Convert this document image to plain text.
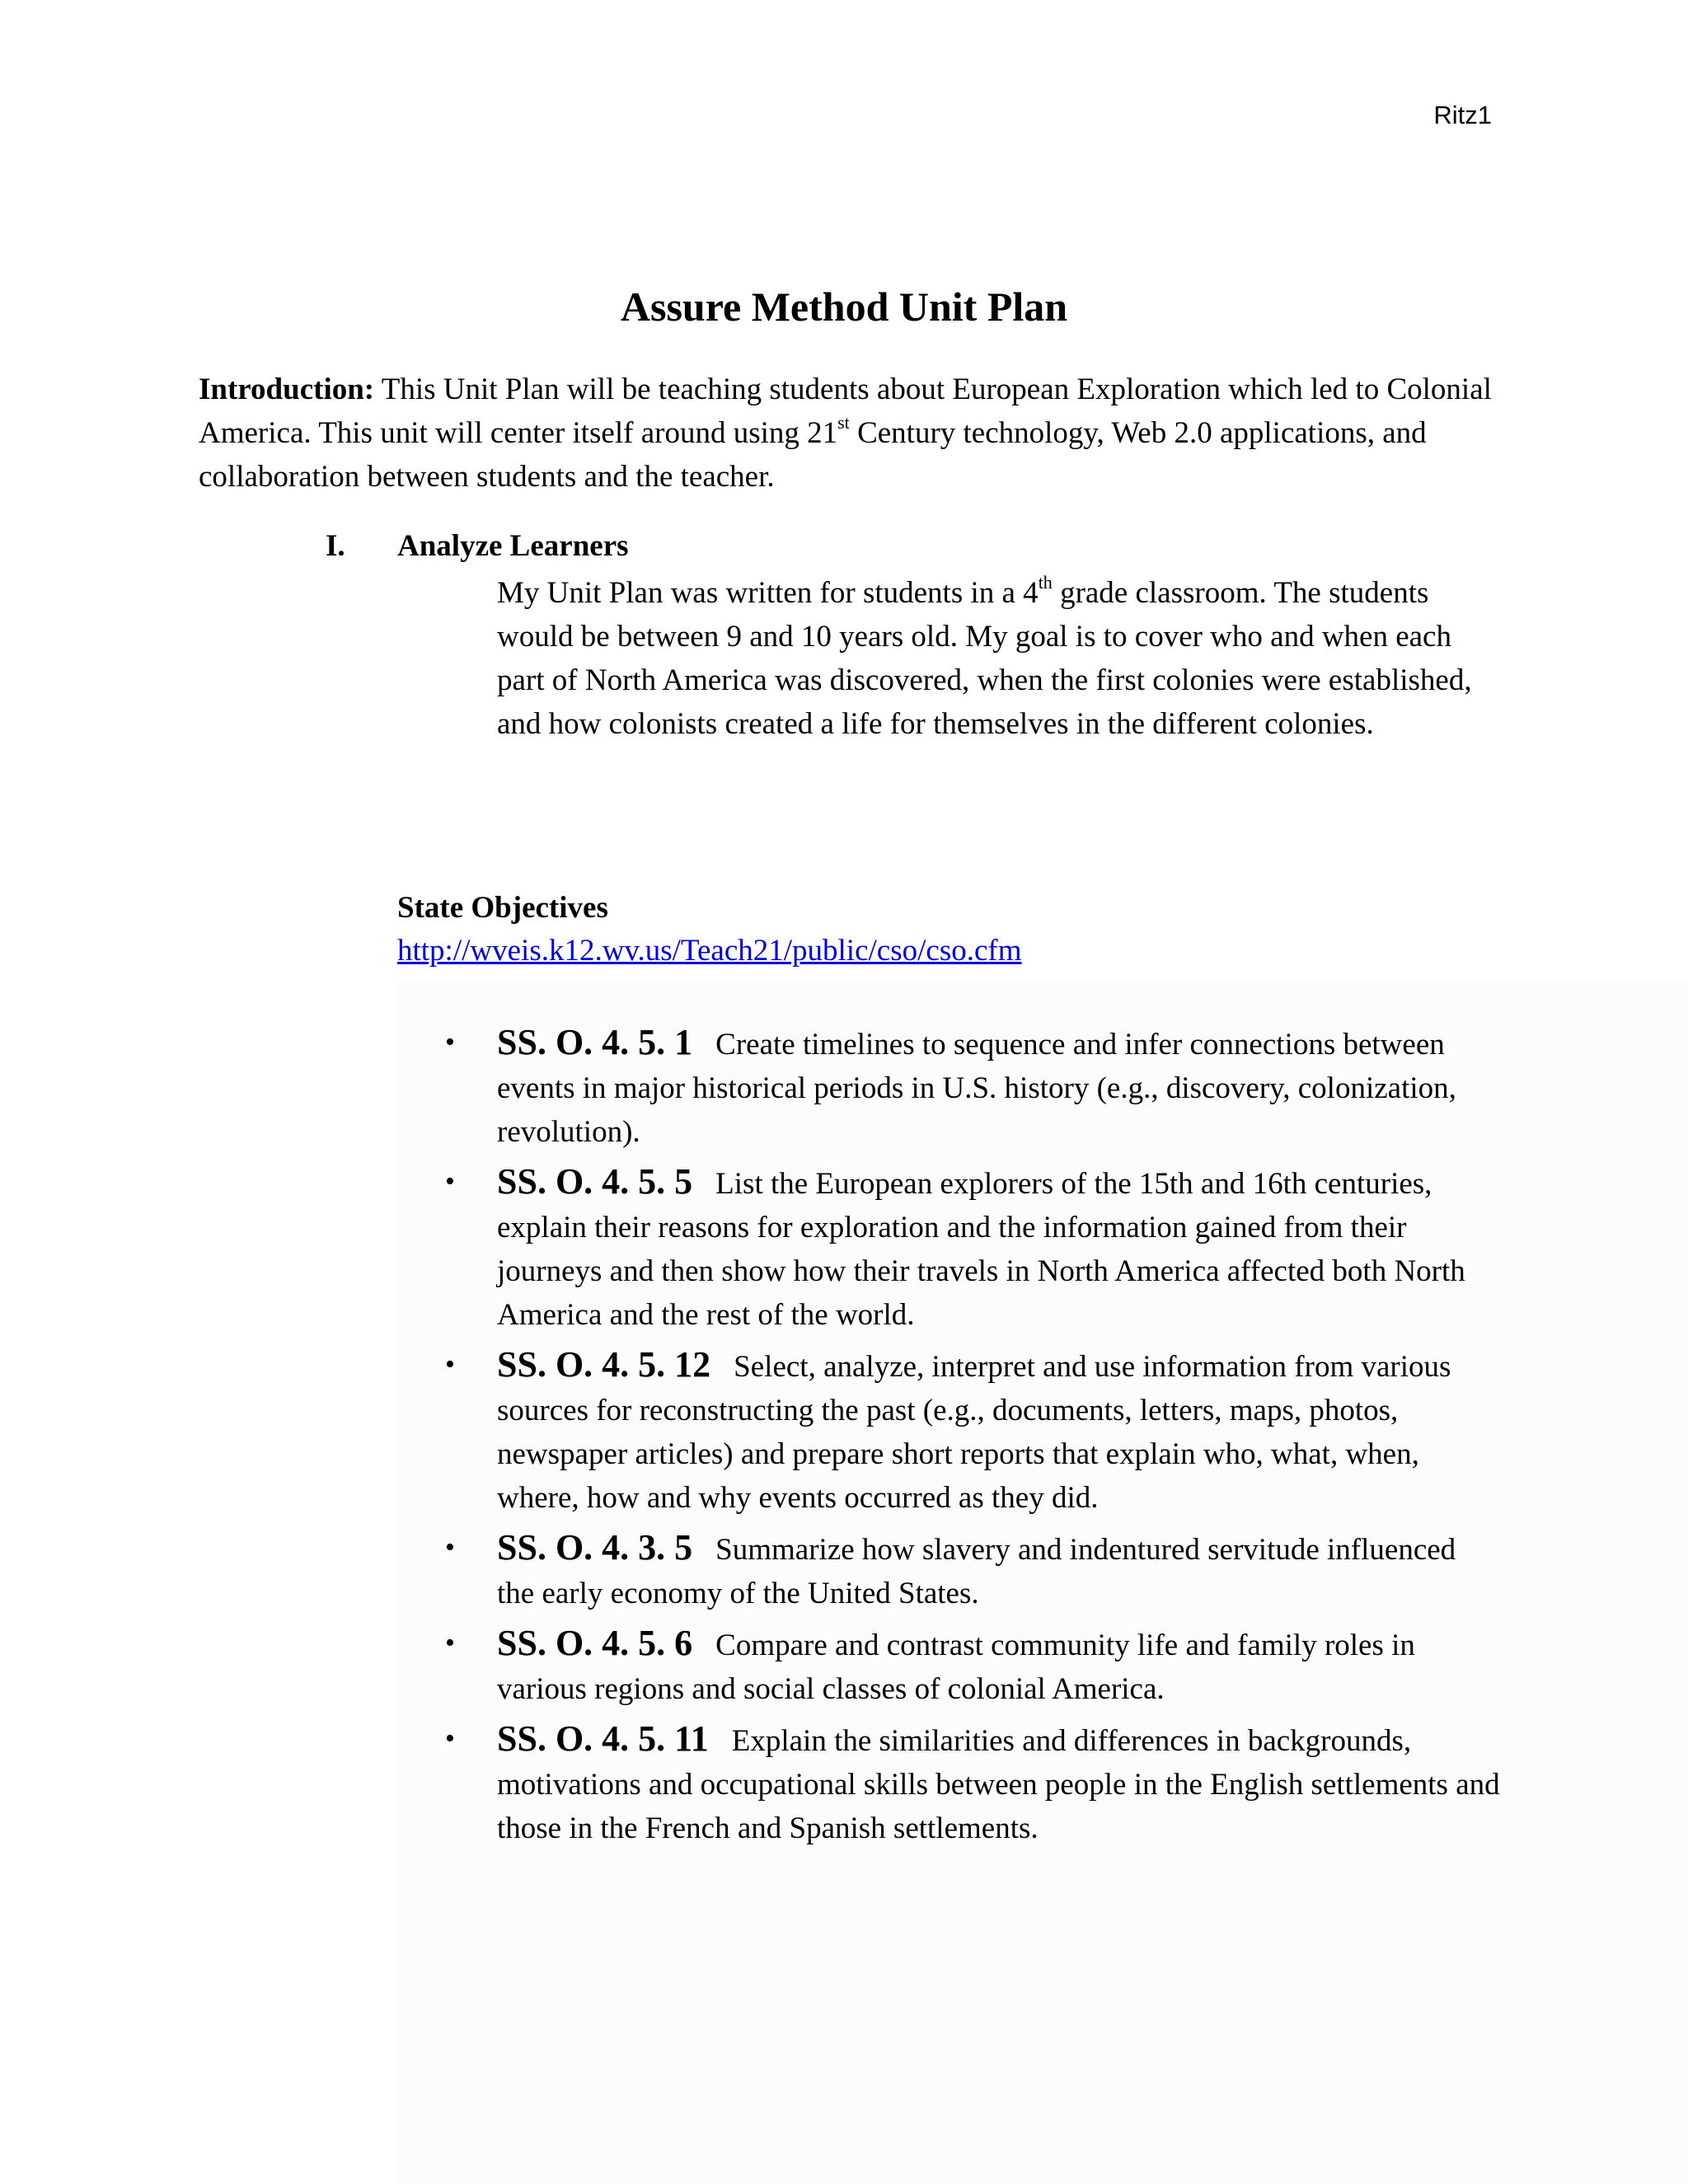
Ritz1
Assure Method Unit Plan
Introduction: This Unit Plan will be teaching students about European Exploration which led to Colonial America. This unit will center itself around using 21st Century technology, Web 2.0 applications, and collaboration between students and the teacher.
I. Analyze Learners
My Unit Plan was written for students in a 4th grade classroom. The students would be between 9 and 10 years old. My goal is to cover who and when each part of North America was discovered, when the first colonies were established, and how colonists created a life for themselves in the different colonies.
State Objectives
http://wveis.k12.wv.us/Teach21/public/cso/cso.cfm
• SS. O. 4. 5. 1 Create timelines to sequence and infer connections between events in major historical periods in U.S. history (e.g., discovery, colonization, revolution).
• SS. O. 4. 5. 5 List the European explorers of the 15th and 16th centuries, explain their reasons for exploration and the information gained from their journeys and then show how their travels in North America affected both North America and the rest of the world.
• SS. O. 4. 5. 12 Select, analyze, interpret and use information from various sources for reconstructing the past (e.g., documents, letters, maps, photos, newspaper articles) and prepare short reports that explain who, what, when, where, how and why events occurred as they did.
• SS. O. 4. 3. 5 Summarize how slavery and indentured servitude influenced the early economy of the United States.
• SS. O. 4. 5. 6 Compare and contrast community life and family roles in various regions and social classes of colonial America.
• SS. O. 4. 5. 11 Explain the similarities and differences in backgrounds, motivations and occupational skills between people in the English settlements and those in the French and Spanish settlements.
